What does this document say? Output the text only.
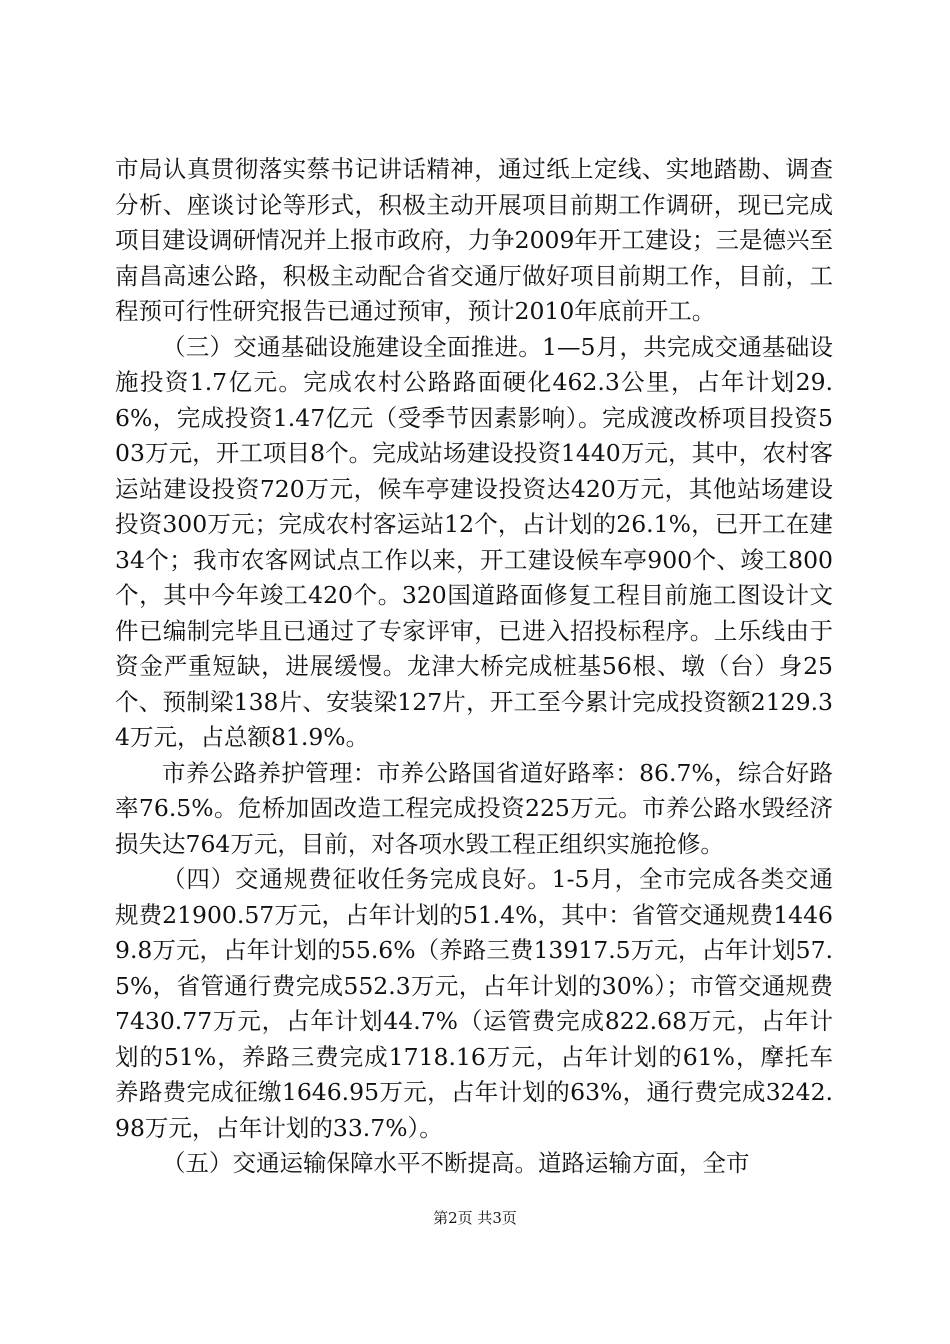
市局认真贯彻落实蔡书记讲话精神，通过纸上定线、实地踏勘、调查分析、座谈讨论等形式，积极主动开展项目前期工作调研，现已完成项目建设调研情况并上报市政府，力争2009年开工建设；三是德兴至南昌高速公路，积极主动配合省交通厅做好项目前期工作，目前，工程预可行性研究报告已通过预审，预计2010年底前开工。

（三）交通基础设施建设全面推进。1—5月，共完成交通基础设施投资1.7亿元。完成农村公路路面硬化462.3公里，占年计划29.6%，完成投资1.47亿元（受季节因素影响）。完成渡改桥项目投资503万元，开工项目8个。完成站场建设投资1440万元，其中，农村客运站建设投资720万元，候车亭建设投资达420万元，其他站场建设投资300万元；完成农村客运站12个，占计划的26.1%，已开工在建34个；我市农客网试点工作以来，开工建设候车亭900个、竣工800个，其中今年竣工420个。320国道路面修复工程目前施工图设计文件已编制完毕且已通过了专家评审，已进入招投标程序。上乐线由于资金严重短缺，进展缓慢。龙津大桥完成桩基56根、墩（台）身25个、预制梁138片、安装梁127片，开工至今累计完成投资额2129.34万元，占总额81.9%。

市养公路养护管理：市养公路国省道好路率：86.7%，综合好路率76.5%。危桥加固改造工程完成投资225万元。市养公路水毁经济损失达764万元，目前，对各项水毁工程正组织实施抢修。

（四）交通规费征收任务完成良好。1-5月，全市完成各类交通规费21900.57万元，占年计划的51.4%，其中：省管交通规费14469.8万元，占年计划的55.6%（养路三费13917.5万元，占年计划57.5%，省管通行费完成552.3万元，占年计划的30%）；市管交通规费7430.77万元，占年计划44.7%（运管费完成822.68万元，占年计划的51%，养路三费完成1718.16万元，占年计划的61%，摩托车养路费完成征缴1646.95万元，占年计划的63%，通行费完成3242.98万元，占年计划的33.7%）。

（五）交通运输保障水平不断提高。道路运输方面，全市

第2页 共3页
